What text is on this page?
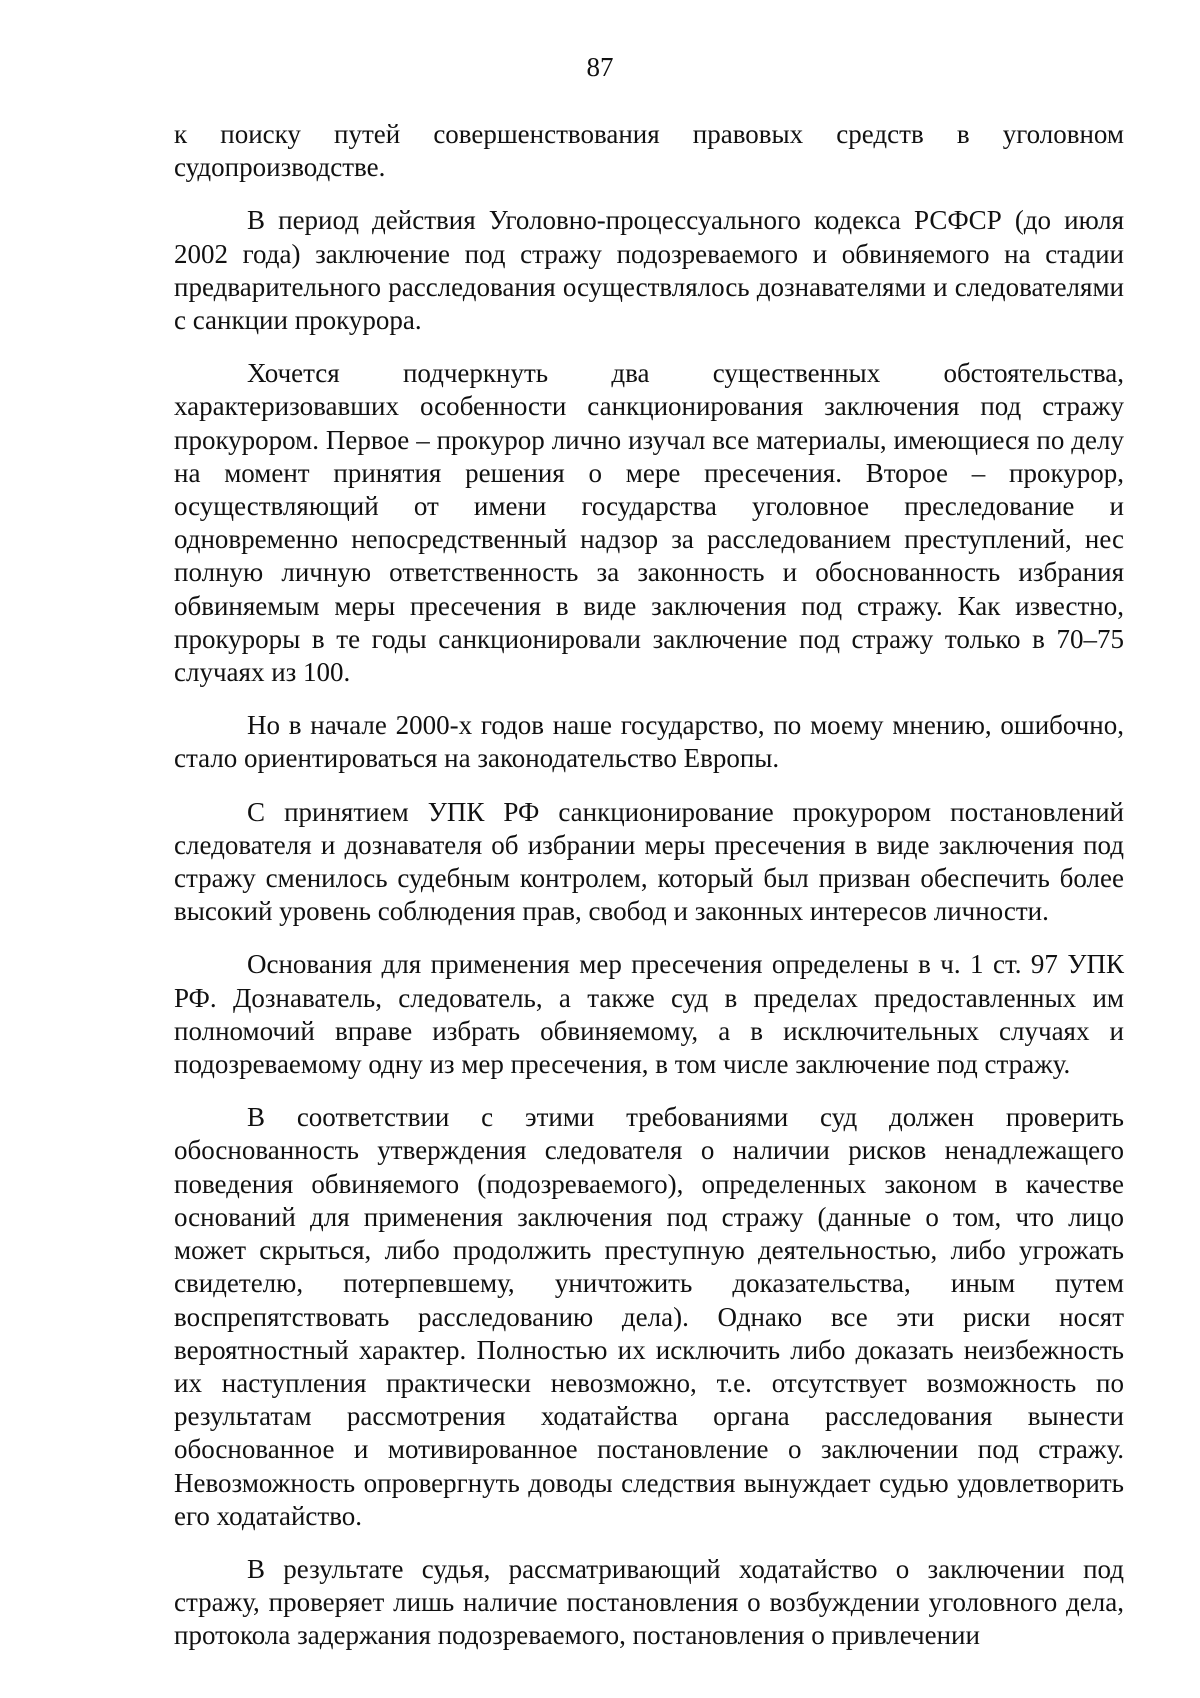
87

к поиску путей совершенствования правовых средств в уголовном судопроизводстве.

В период действия Уголовно-процессуального кодекса РСФСР (до июля 2002 года) заключение под стражу подозреваемого и обвиняемого на стадии предварительного расследования осуществлялось дознавателями и следователями с санкции прокурора.

Хочется подчеркнуть два существенных обстоятельства, характеризовавших особенности санкционирования заключения под стражу прокурором. Первое – прокурор лично изучал все материалы, имеющиеся по делу на момент принятия решения о мере пресечения. Второе – прокурор, осуществляющий от имени государства уголовное преследование и одновременно непосредственный надзор за расследованием преступлений, нес полную личную ответственность за законность и обоснованность избрания обвиняемым меры пресечения в виде заключения под стражу. Как известно, прокуроры в те годы санкционировали заключение под стражу только в 70–75 случаях из 100.

Но в начале 2000-х годов наше государство, по моему мнению, ошибочно, стало ориентироваться на законодательство Европы.

С принятием УПК РФ санкционирование прокурором постановлений следователя и дознавателя об избрании меры пресечения в виде заключения под стражу сменилось судебным контролем, который был призван обеспечить более высокий уровень соблюдения прав, свобод и законных интересов личности.

Основания для применения мер пресечения определены в ч. 1 ст. 97 УПК РФ. Дознаватель, следователь, а также суд в пределах предоставленных им полномочий вправе избрать обвиняемому, а в исключительных случаях и подозреваемому одну из мер пресечения, в том числе заключение под стражу.

В соответствии с этими требованиями суд должен проверить обоснованность утверждения следователя о наличии рисков ненадлежащего поведения обвиняемого (подозреваемого), определенных законом в качестве оснований для применения заключения под стражу (данные о том, что лицо может скрыться, либо продолжить преступную деятельностью, либо угрожать свидетелю, потерпевшему, уничтожить доказательства, иным путем воспрепятствовать расследованию дела). Однако все эти риски носят вероятностный характер. Полностью их исключить либо доказать неизбежность их наступления практически невозможно, т.е. отсутствует возможность по результатам рассмотрения ходатайства органа расследования вынести обоснованное и мотивированное постановление о заключении под стражу. Невозможность опровергнуть доводы следствия вынуждает судью удовлетворить его ходатайство.

В результате судья, рассматривающий ходатайство о заключении под стражу, проверяет лишь наличие постановления о возбуждении уголовного дела, протокола задержания подозреваемого, постановления о привлечении
